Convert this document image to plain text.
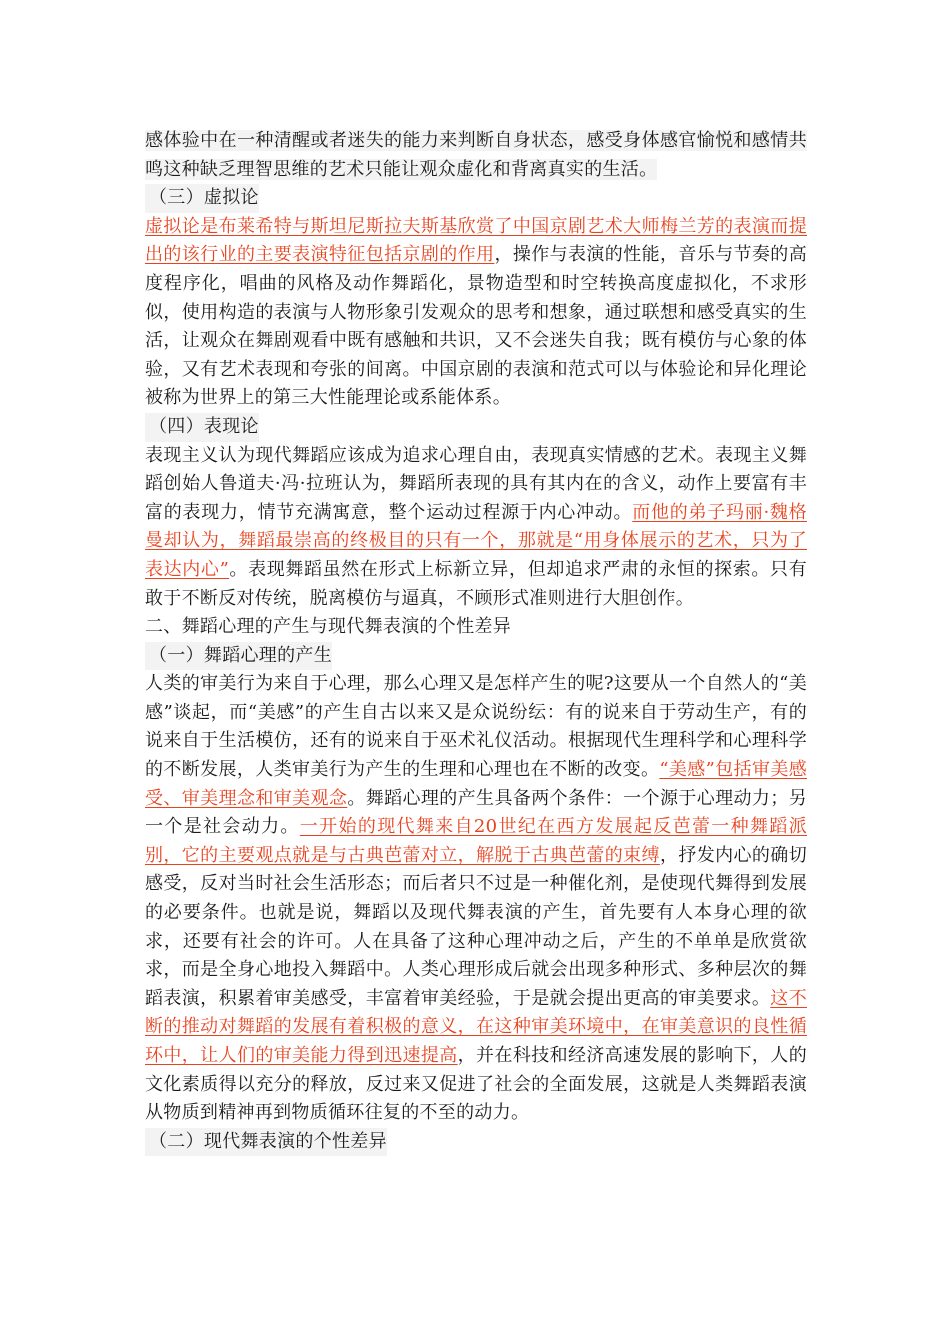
感体验中在一种清醒或者迷失的能力来判断自身状态，感受身体感官愉悦和感情共鸣这种缺乏理智思维的艺术只能让观众虚化和背离真实的生活。

（三）虚拟论

虚拟论是布莱希特与斯坦尼斯拉夫斯基欣赏了中国京剧艺术大师梅兰芳的表演而提出的该行业的主要表演特征包括京剧的作用，操作与表演的性能，音乐与节奏的高度程序化，唱曲的风格及动作舞蹈化，景物造型和时空转换高度虚拟化，不求形似，使用构造的表演与人物形象引发观众的思考和想象，通过联想和感受真实的生活，让观众在舞剧观看中既有感触和共识，又不会迷失自我；既有模仿与心象的体验，又有艺术表现和夸张的间离。中国京剧的表演和范式可以与体验论和异化理论被称为世界上的第三大性能理论或系能体系。

（四）表现论

表现主义认为现代舞蹈应该成为追求心理自由，表现真实情感的艺术。表现主义舞蹈创始人鲁道夫·冯·拉班认为，舞蹈所表现的具有其内在的含义，动作上要富有丰富的表现力，情节充满寓意，整个运动过程源于内心冲动。而他的弟子玛丽·魏格曼却认为，舞蹈最崇高的终极目的只有一个，那就是“用身体展示的艺术，只为了表达内心”。表现舞蹈虽然在形式上标新立异，但却追求严肃的永恒的探索。只有敢于不断反对传统，脱离模仿与逼真，不顾形式准则进行大胆创作。

二、舞蹈心理的产生与现代舞表演的个性差异

（一）舞蹈心理的产生

人类的审美行为来自于心理，那么心理又是怎样产生的呢?这要从一个自然人的“美感”谈起，而“美感”的产生自古以来又是众说纷纭：有的说来自于劳动生产，有的说来自于生活模仿，还有的说来自于巫术礼仪活动。根据现代生理科学和心理科学的不断发展，人类审美行为产生的生理和心理也在不断的改变。“美感”包括审美感受、审美理念和审美观念。舞蹈心理的产生具备两个条件：一个源于心理动力；另一个是社会动力。一开始的现代舞来自20世纪在西方发展起反芭蕾一种舞蹈派别，它的主要观点就是与古典芭蕾对立，解脱于古典芭蕾的束缚，抒发内心的确切感受，反对当时社会生活形态；而后者只不过是一种催化剂，是使现代舞得到发展的必要条件。也就是说，舞蹈以及现代舞表演的产生，首先要有人本身心理的欲求，还要有社会的许可。人在具备了这种心理冲动之后，产生的不单单是欣赏欲求，而是全身心地投入舞蹈中。人类心理形成后就会出现多种形式、多种层次的舞蹈表演，积累着审美感受，丰富着审美经验，于是就会提出更高的审美要求。这不断的推动对舞蹈的发展有着积极的意义，在这种审美环境中，在审美意识的良性循环中，让人们的审美能力得到迅速提高，并在科技和经济高速发展的影响下，人的文化素质得以充分的释放，反过来又促进了社会的全面发展，这就是人类舞蹈表演从物质到精神再到物质循环往复的不至的动力。

（二）现代舞表演的个性差异
